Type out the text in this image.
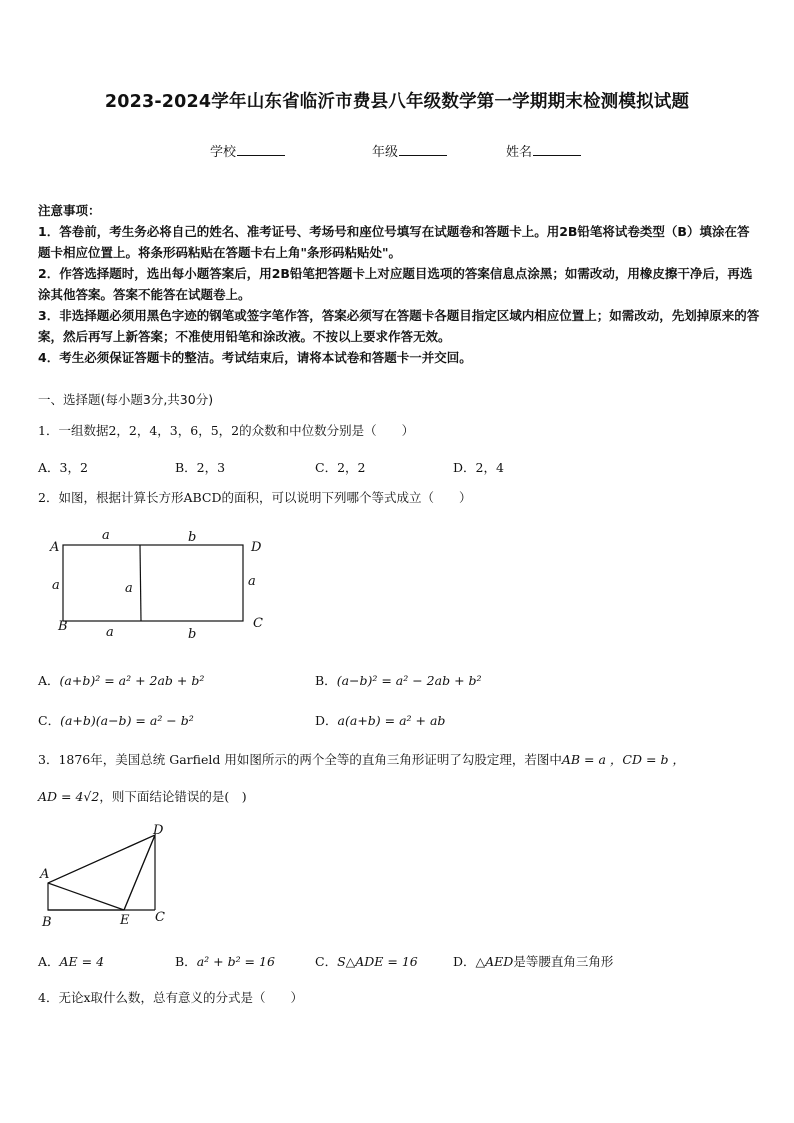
2023-2024学年山东省临沂市费县八年级数学第一学期期末检测模拟试题
学校	年级	姓名

注意事项：

1．答卷前，考生务必将自己的姓名、准考证号、考场号和座位号填写在试题卷和答题卡上。用2B铅笔将试卷类型（B）填涂在答题卡相应位置上。将条形码粘贴在答题卡右上角"条形码粘贴处"。

2．作答选择题时，选出每小题答案后，用2B铅笔把答题卡上对应题目选项的答案信息点涂黑；如需改动，用橡皮擦干净后，再选涂其他答案。答案不能答在试题卷上。

3．非选择题必须用黑色字迹的钢笔或签字笔作答，答案必须写在答题卡各题目指定区域内相应位置上；如需改动，先划掉原来的答案，然后再写上新答案；不准使用铅笔和涂改液。不按以上要求作答无效。

4．考生必须保证答题卡的整洁。考试结束后，请将本试卷和答题卡一并交回。

一、选择题(每小题3分,共30分)
1．一组数据2，2，4，3，6，5，2的众数和中位数分别是（　　）
A．3，2	B．2，3	C．2，2	D．2，4
2．如图，根据计算长方形ABCD的面积，可以说明下列哪个等式成立（　　）
A	D
B	C
a	b
a	a	a
a	b
A．(a+b)² = a² + 2ab + b²	B．(a−b)² = a² − 2ab + b²
C．(a+b)(a−b) = a² − b²	D．a(a+b) = a² + ab
3．1876年，美国总统 Garfield 用如图所示的两个全等的直角三角形证明了勾股定理，若图中AB = a ，CD = b ，
AD = 4√2，则下面结论错误的是(　)
A
B	E C
D
A．AE = 4	B．a² + b² = 16	C．S△ADE = 16	D．△AED是等腰直角三角形
4．无论x取什么数，总有意义的分式是（　　）
